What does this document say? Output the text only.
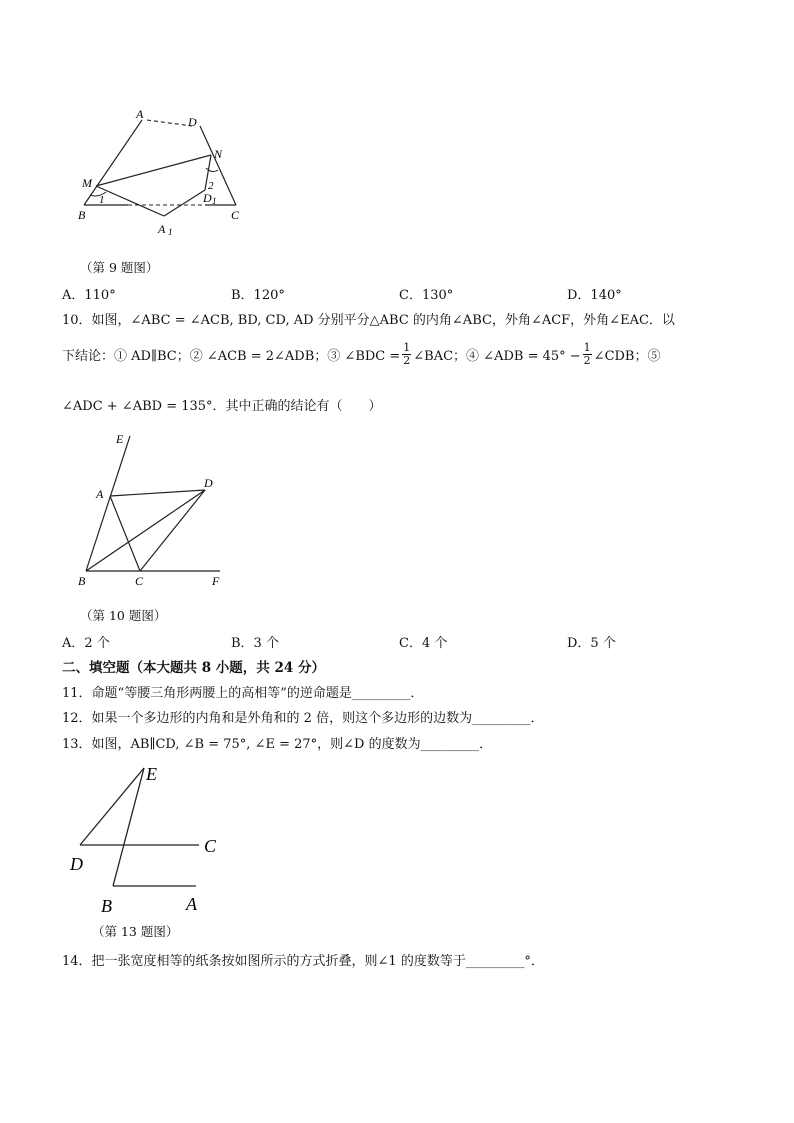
A
D
N
M
1
2
B
D 1
C
A 1
（第 9 题图）
A．110°	B．120°	C．130°	D．140°
10．如图，∠ABC = ∠ACB, BD, CD, AD 分别平分△ABC 的内角∠ABC，外角∠ACF，外角∠EAC．以
下结论：① AD∥BC；② ∠ACB = 2∠ADB；③ ∠BDC = $\frac{1}{2}$ ∠BAC；④ ∠ADB = $45^\circ - \frac{1}{2}$ ∠CDB；⑤
∠ADC + ∠ABD = 135°．其中正确的结论有（　　）
E
A
D
B	C	F
（第 10 题图）
A．2 个	B．3 个	C．4 个	D．5 个
二、填空题（本大题共 8 小题，共 24 分）
11．命题“等腰三角形两腰上的高相等”的逆命题是_________．
12．如果一个多边形的内角和是外角和的 2 倍，则这个多边形的边数为_________．
13．如图，AB∥CD, ∠B = 75°, ∠E = 27°，则∠D 的度数为_________．
E
C
D
B	A
（第 13 题图）
14．把一张宽度相等的纸条按如图所示的方式折叠，则∠1 的度数等于_________°．
